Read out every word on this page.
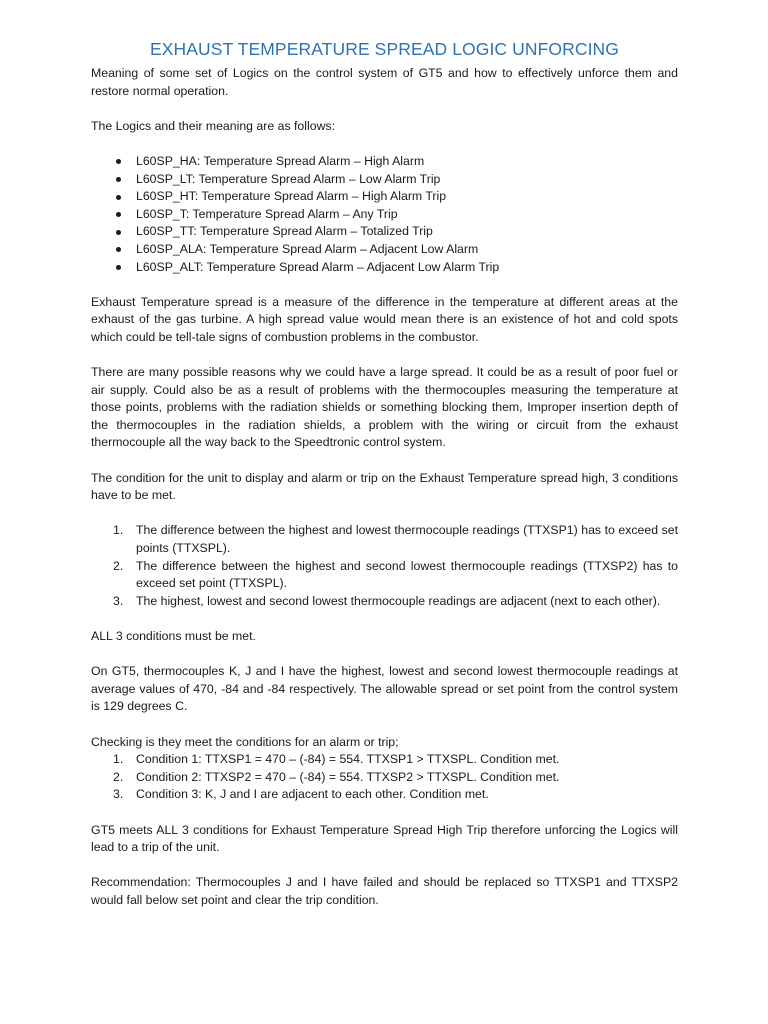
EXHAUST TEMPERATURE SPREAD LOGIC UNFORCING

Meaning of some set of Logics on the control system of GT5 and how to effectively unforce them and restore normal operation.

The Logics and their meaning are as follows:

L60SP_HA: Temperature Spread Alarm – High Alarm
L60SP_LT: Temperature Spread Alarm – Low Alarm Trip
L60SP_HT: Temperature Spread Alarm – High Alarm Trip
L60SP_T: Temperature Spread Alarm – Any Trip
L60SP_TT: Temperature Spread Alarm – Totalized Trip
L60SP_ALA: Temperature Spread Alarm – Adjacent Low Alarm
L60SP_ALT: Temperature Spread Alarm – Adjacent Low Alarm Trip

Exhaust Temperature spread is a measure of the difference in the temperature at different areas at the exhaust of the gas turbine. A high spread value would mean there is an existence of hot and cold spots which could be tell-tale signs of combustion problems in the combustor.

There are many possible reasons why we could have a large spread. It could be as a result of poor fuel or air supply. Could also be as a result of problems with the thermocouples measuring the temperature at those points, problems with the radiation shields or something blocking them, Improper insertion depth of the thermocouples in the radiation shields, a problem with the wiring or circuit from the exhaust thermocouple all the way back to the Speedtronic control system.

The condition for the unit to display and alarm or trip on the Exhaust Temperature spread high, 3 conditions have to be met.

1. The difference between the highest and lowest thermocouple readings (TTXSP1) has to exceed set points (TTXSPL).
2. The difference between the highest and second lowest thermocouple readings (TTXSP2) has to exceed set point (TTXSPL).
3. The highest, lowest and second lowest thermocouple readings are adjacent (next to each other).

ALL 3 conditions must be met.

On GT5, thermocouples K, J and I have the highest, lowest and second lowest thermocouple readings at average values of 470, -84 and -84 respectively. The allowable spread or set point from the control system is 129 degrees C.

Checking is they meet the conditions for an alarm or trip;

1. Condition 1: TTXSP1 = 470 – (-84) = 554. TTXSP1 > TTXSPL. Condition met.
2. Condition 2: TTXSP2 = 470 – (-84) = 554. TTXSP2 > TTXSPL. Condition met.
3. Condition 3: K, J and I are adjacent to each other. Condition met.

GT5 meets ALL 3 conditions for Exhaust Temperature Spread High Trip therefore unforcing the Logics will lead to a trip of the unit.

Recommendation: Thermocouples J and I have failed and should be replaced so TTXSP1 and TTXSP2 would fall below set point and clear the trip condition.
